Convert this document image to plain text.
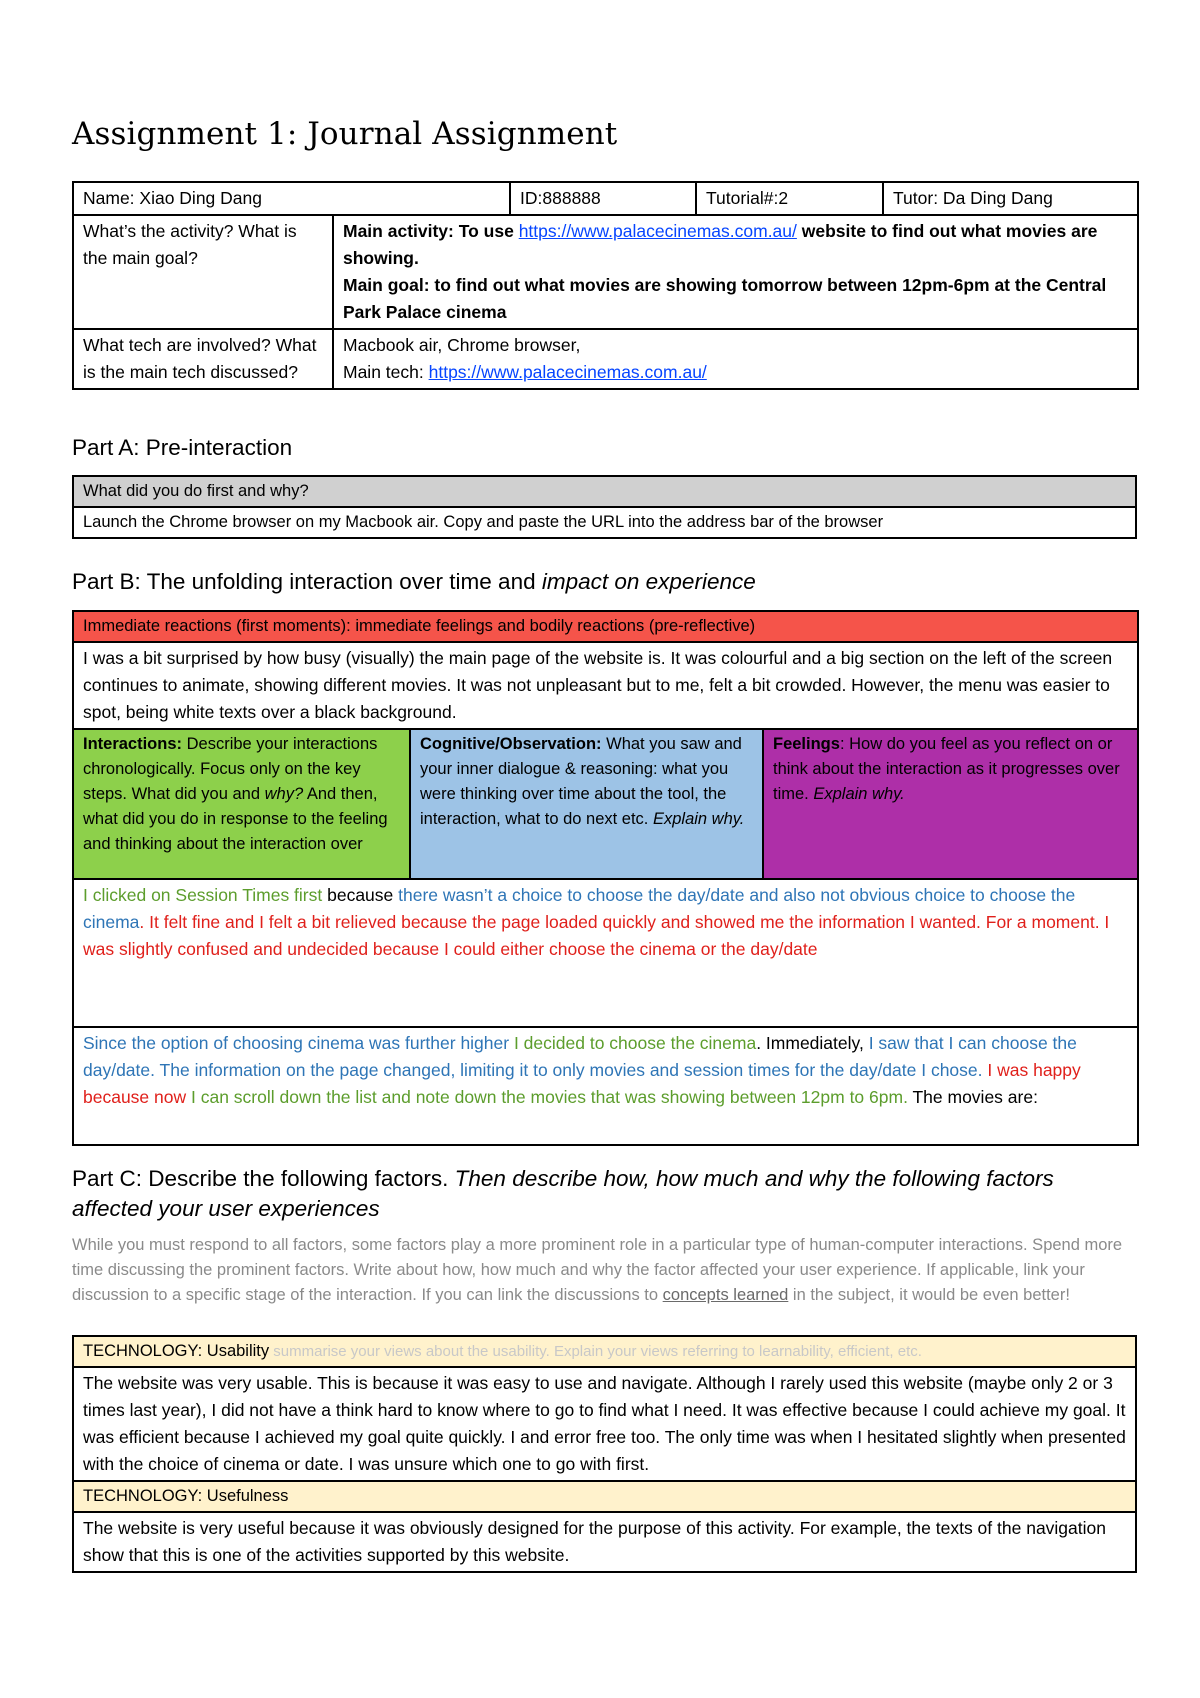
Assignment 1: Journal Assignment
Name: Xiao Ding Dang		ID:888888	Tutorial#:2	Tutor: Da Ding Dang
What’s the activity? What is the main goal?	Main activity: To use https://www.palacecinemas.com.au/ website to find out what movies are showing.
Main goal: to find out what movies are showing tomorrow between 12pm-6pm at the Central Park Palace cinema			
What tech are involved? What is the main tech discussed?	Macbook air, Chrome browser,
Main tech: https://www.palacecinemas.com.au/			
Part A: Pre-interaction
What did you do first and why?
Launch the Chrome browser on my Macbook air. Copy and paste the URL into the address bar of the browser
Part B: The unfolding interaction over time and impact on experience
Immediate reactions (first moments): immediate feelings and bodily reactions (pre-reflective)
I was a bit surprised by how busy (visually) the main page of the website is. It was colourful and a big section on the left of the screen continues to animate, showing different movies. It was not unpleasant but to me, felt a bit crowded. However, the menu was easier to spot, being white texts over a black background.
Interactions: Describe your interactions chronologically. Focus only on the key steps. What did you and why? And then, what did you do in response to the feeling and thinking about the interaction over	Cognitive/Observation: What you saw and your inner dialogue & reasoning: what you were thinking over time about the tool, the interaction, what to do next etc. Explain why.	Feelings: How do you feel as you reflect on or think about the interaction as it progresses over time. Explain why.
I clicked on Session Times first because there wasn’t a choice to choose the day/date and also not obvious choice to choose the cinema. It felt fine and I felt a bit relieved because the page loaded quickly and showed me the information I wanted. For a moment. I was slightly confused and undecided because I could either choose the cinema or the day/date
Since the option of choosing cinema was further higher I decided to choose the cinema. Immediately, I saw that I can choose the day/date. The information on the page changed, limiting it to only movies and session times for the day/date I chose. I was happy because now I can scroll down the list and note down the movies that was showing between 12pm to 6pm. The movies are:
Part C: Describe the following factors. Then describe how, how much and why the following factors affected your user experiences
While you must respond to all factors, some factors play a more prominent role in a particular type of human-computer interactions. Spend more time discussing the prominent factors. Write about how, how much and why the factor affected your user experience. If applicable, link your discussion to a specific stage of the interaction. If you can link the discussions to concepts learned in the subject, it would be even better!
TECHNOLOGY: Usability summarise your views about the usability. Explain your views referring to learnability, efficient, etc.
The website was very usable. This is because it was easy to use and navigate. Although I rarely used this website (maybe only 2 or 3 times last year), I did not have a think hard to know where to go to find what I need. It was effective because I could achieve my goal. It was efficient because I achieved my goal quite quickly. I and error free too. The only time was when I hesitated slightly when presented with the choice of cinema or date. I was unsure which one to go with first.
TECHNOLOGY: Usefulness
The website is very useful because it was obviously designed for the purpose of this activity. For example, the texts of the navigation show that this is one of the activities supported by this website.
